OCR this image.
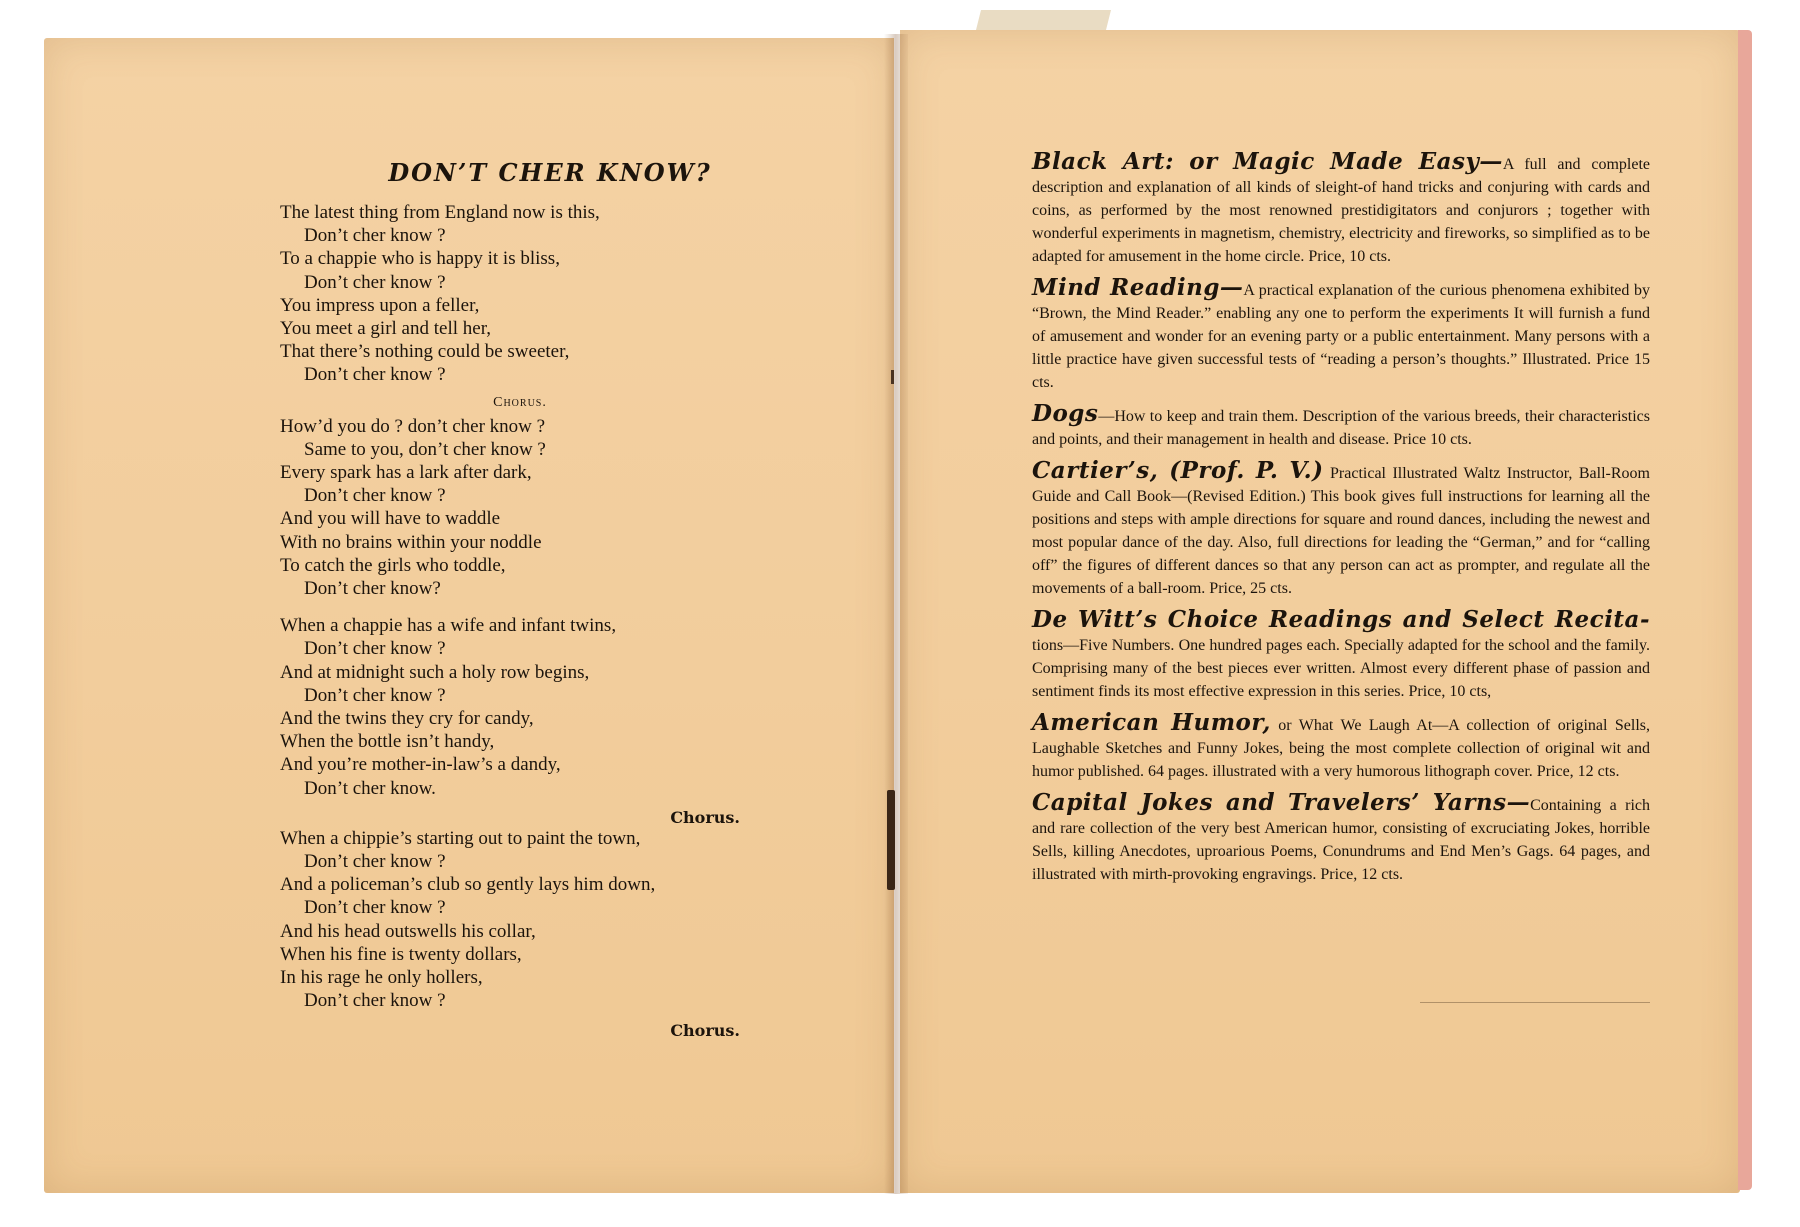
DON’T CHER KNOW?
The latest thing from England now is this,
Don’t cher know ?
To a chappie who is happy it is bliss,
Don’t cher know ?
You impress upon a feller,
You meet a girl and tell her,
That there’s nothing could be sweeter,
Don’t cher know ?
Chorus.
How’d you do ? don’t cher know ?
Same to you, don’t cher know ?
Every spark has a lark after dark,
Don’t cher know ?
And you will have to waddle
With no brains within your noddle
To catch the girls who toddle,
Don’t cher know?
When a chappie has a wife and infant twins,
Don’t cher know ?
And at midnight such a holy row begins,
Don’t cher know ?
And the twins they cry for candy,
When the bottle isn’t handy,
And you’re mother-in-law’s a dandy,
Don’t cher know.
Chorus.
When a chippie’s starting out to paint the town,
Don’t cher know ?
And a policeman’s club so gently lays him down,
Don’t cher know ?
And his head outswells his collar,
When his fine is twenty dollars,
In his rage he only hollers,
Don’t cher know ?
Chorus.
Black Art: or Magic Made Easy—A full and complete description and explanation of all kinds of sleight-of hand tricks and conjuring with cards and coins, as performed by the most renowned prestidigitators and conjurors ; together with wonderful experiments in magnetism, chemistry, electricity and fireworks, so simplified as to be adapted for amusement in the home circle. Price, 10 cts.
Mind Reading—A practical explanation of the curious phenomena exhibited by “Brown, the Mind Reader.” enabling any one to perform the experiments It will furnish a fund of amusement and wonder for an evening party or a public entertainment. Many persons with a little practice have given successful tests of “reading a person’s thoughts.” Illustrated. Price 15 cts.
Dogs—How to keep and train them. Description of the various breeds, their characteristics and points, and their management in health and disease. Price 10 cts.
Cartier’s, (Prof. P. V.) Practical Illustrated Waltz Instructor, Ball-Room Guide and Call Book—(Revised Edition.) This book gives full instructions for learning all the positions and steps with ample directions for square and round dances, including the newest and most popular dance of the day. Also, full directions for leading the “German,” and for “calling off” the figures of different dances so that any person can act as prompter, and regulate all the movements of a ball-room. Price, 25 cts.
De Witt’s Choice Readings and Select Recita-tions—Five Numbers. One hundred pages each. Specially adapted for the school and the family. Comprising many of the best pieces ever written. Almost every different phase of passion and sentiment finds its most effective expression in this series. Price, 10 cts,
American Humor, or What We Laugh At—A collection of original Sells, Laughable Sketches and Funny Jokes, being the most complete collection of original wit and humor published. 64 pages. illustrated with a very humorous lithograph cover. Price, 12 cts.
Capital Jokes and Travelers’ Yarns—Containing a rich and rare collection of the very best American humor, consisting of excruciating Jokes, horrible Sells, killing Anecdotes, uproarious Poems, Conundrums and End Men’s Gags. 64 pages, and illustrated with mirth-provoking engravings. Price, 12 cts.
